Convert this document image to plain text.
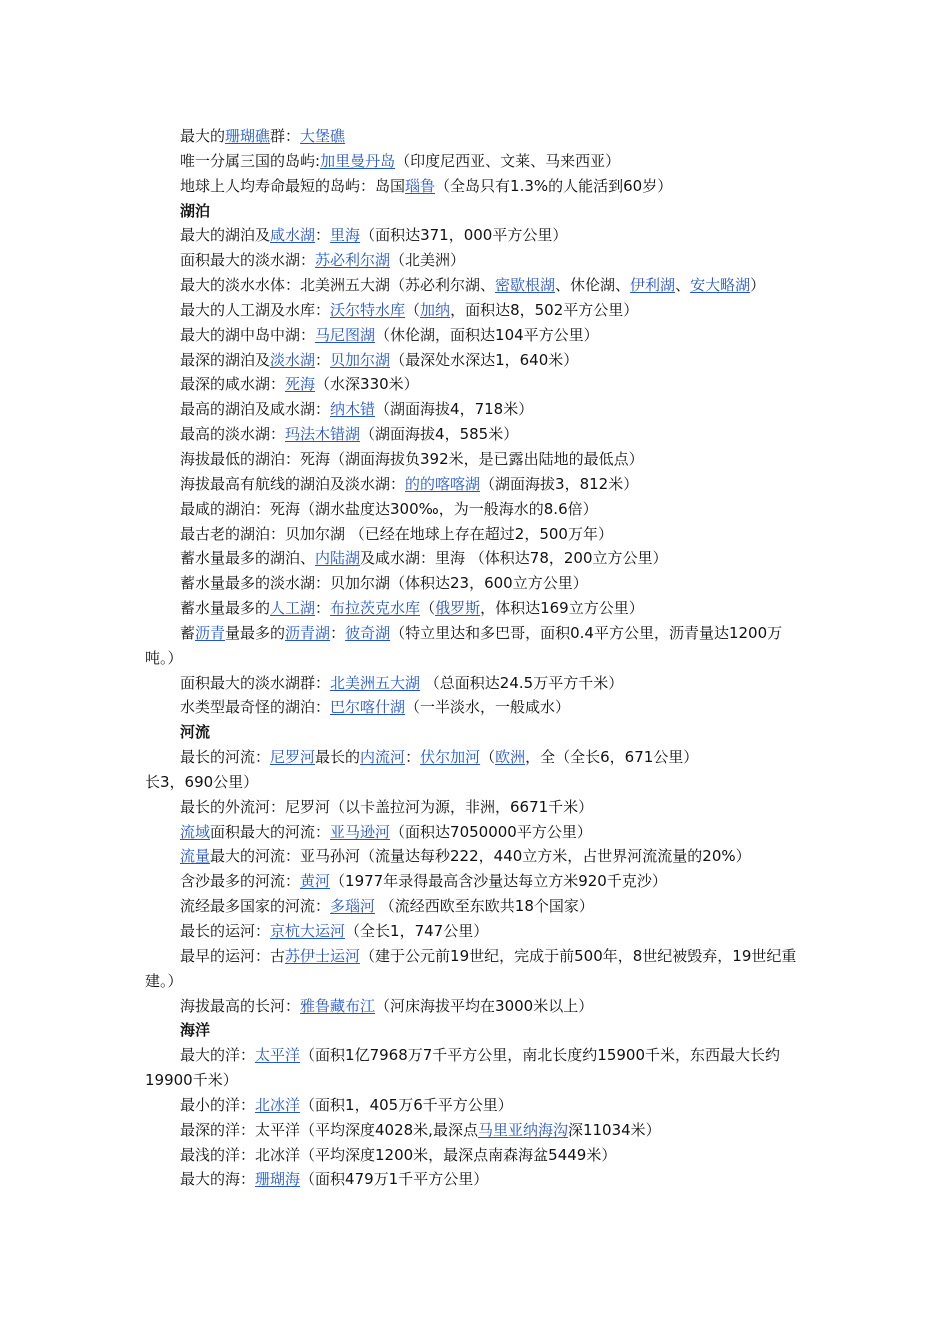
最大的珊瑚礁群：大堡礁
唯一分属三国的岛屿:加里曼丹岛（印度尼西亚、文莱、马来西亚）
地球上人均寿命最短的岛屿：岛国瑙鲁（全岛只有1.3%的人能活到60岁）
湖泊
最大的湖泊及咸水湖：里海（面积达371，000平方公里）
面积最大的淡水湖：苏必利尔湖（北美洲）
最大的淡水水体：北美洲五大湖（苏必利尔湖、密歇根湖、休伦湖、伊利湖、安大略湖）
最大的人工湖及水库：沃尔特水库（加纳，面积达8，502平方公里）
最大的湖中岛中湖：马尼图湖（休伦湖，面积达104平方公里）
最深的湖泊及淡水湖：贝加尔湖（最深处水深达1，640米）
最深的咸水湖：死海（水深330米）
最高的湖泊及咸水湖：纳木错（湖面海拔4，718米）
最高的淡水湖：玛法木错湖（湖面海拔4，585米）
海拔最低的湖泊：死海（湖面海拔负392米，是已露出陆地的最低点）
海拔最高有航线的湖泊及淡水湖：的的喀喀湖（湖面海拔3，812米）
最咸的湖泊：死海（湖水盐度达300‰，为一般海水的8.6倍）
最古老的湖泊：贝加尔湖 （已经在地球上存在超过2，500万年）
蓄水量最多的湖泊、内陆湖及咸水湖：里海 （体积达78，200立方公里）
蓄水量最多的淡水湖：贝加尔湖（体积达23，600立方公里）
蓄水量最多的人工湖：布拉茨克水库（俄罗斯，体积达169立方公里）
蓄沥青量最多的沥青湖：彼奇湖（特立里达和多巴哥，面积0.4平方公里，沥青量达1200万吨。）
面积最大的淡水湖群：北美洲五大湖 （总面积达24.5万平方千米）
水类型最奇怪的湖泊：巴尔喀什湖（一半淡水，一般咸水）
河流
最长的河流：尼罗河最长的内流河：伏尔加河（欧洲，全（全长6，671公里）
长3，690公里）
最长的外流河：尼罗河（以卡盖拉河为源，非洲，6671千米）
流域面积最大的河流：亚马逊河（面积达7050000平方公里）
流量最大的河流：亚马孙河（流量达每秒222，440立方米，占世界河流流量的20%）
含沙最多的河流：黄河（1977年录得最高含沙量达每立方米920千克沙）
流经最多国家的河流：多瑙河 （流经西欧至东欧共18个国家）
最长的运河：京杭大运河（全长1，747公里）
最早的运河：古苏伊士运河（建于公元前19世纪，完成于前500年，8世纪被毁弃，19世纪重建。）
海拔最高的长河：雅鲁藏布江（河床海拔平均在3000米以上）
海洋
最大的洋：太平洋（面积1亿7968万7千平方公里，南北长度约15900千米，东西最大长约19900千米）
最小的洋：北冰洋（面积1，405万6千平方公里）
最深的洋：太平洋（平均深度4028米,最深点马里亚纳海沟深11034米）
最浅的洋：北冰洋（平均深度1200米，最深点南森海盆5449米）
最大的海：珊瑚海（面积479万1千平方公里）
